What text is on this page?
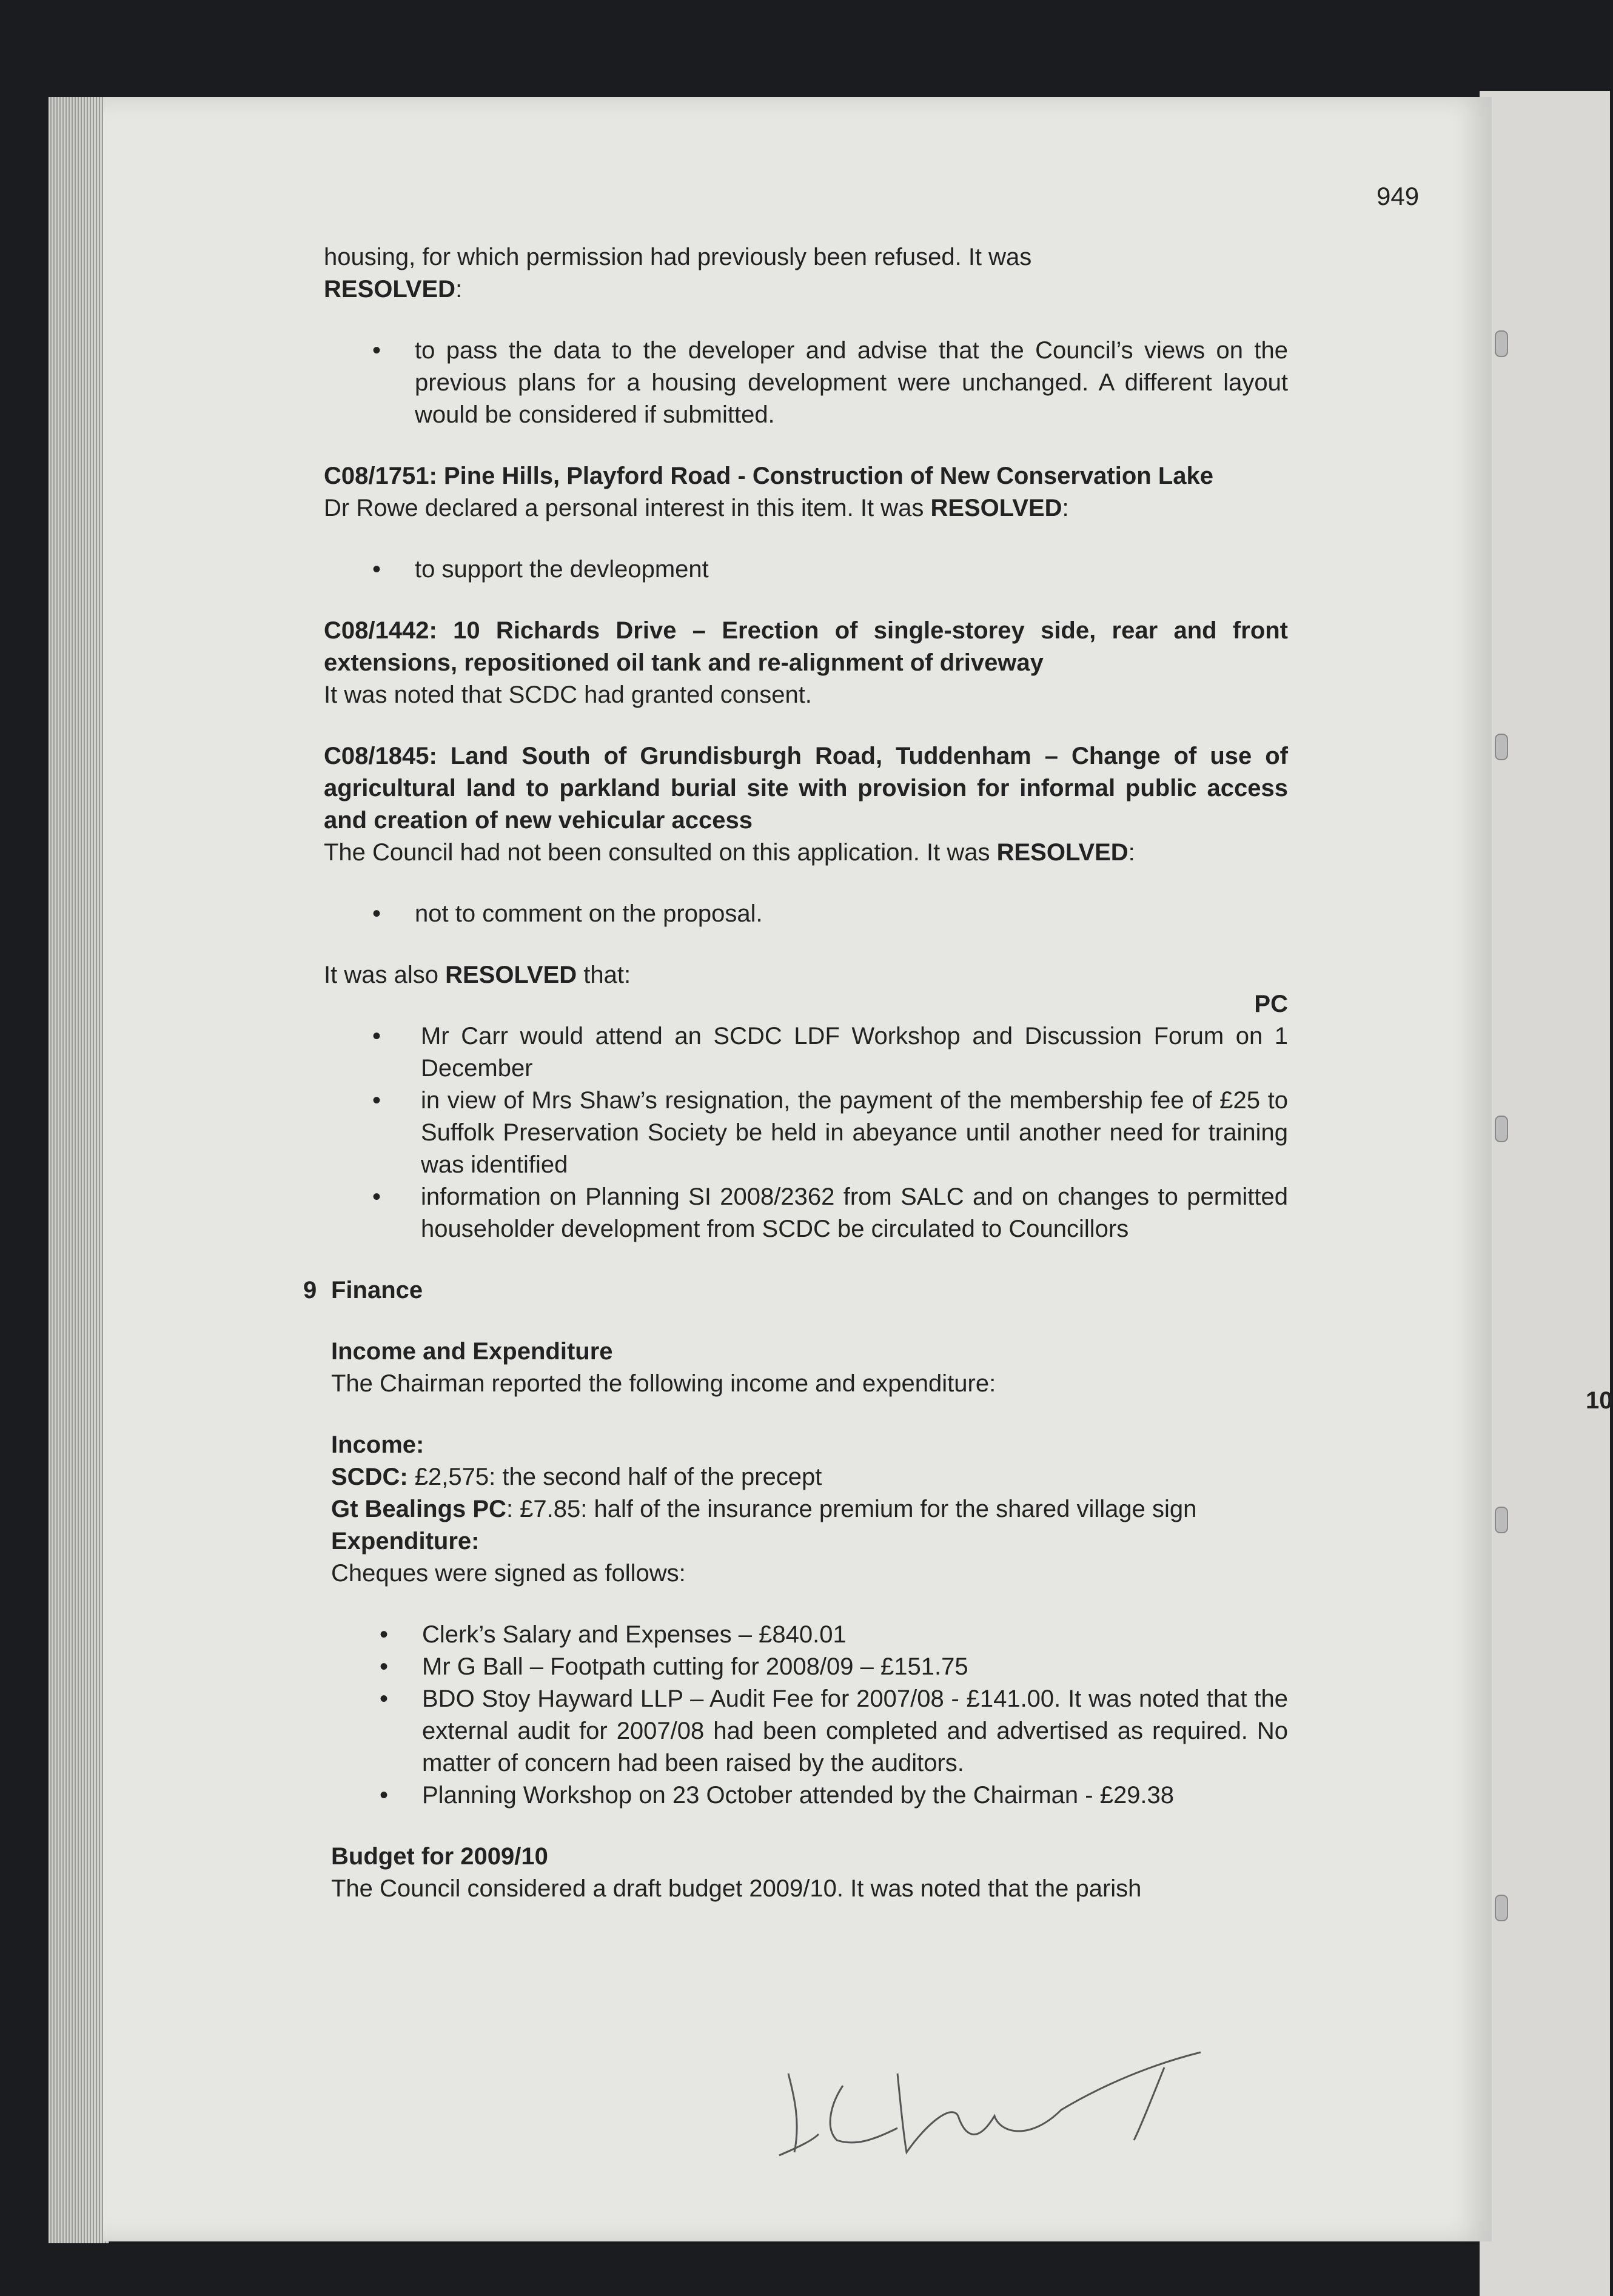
949
10

housing, for which permission had previously been refused. It was
RESOLVED:

• to pass the data to the developer and advise that the Council’s views on the previous plans for a housing development were unchanged. A different layout would be considered if submitted.

C08/1751: Pine Hills, Playford Road - Construction of New Conservation Lake

Dr Rowe declared a personal interest in this item. It was RESOLVED:

• to support the devleopment

C08/1442: 10 Richards Drive – Erection of single-storey side, rear and front extensions, repositioned oil tank and re-alignment of driveway

It was noted that SCDC had granted consent.

C08/1845: Land South of Grundisburgh Road, Tuddenham – Change of use of agricultural land to parkland burial site with provision for informal public access and creation of new vehicular access

The Council had not been consulted on this application. It was RESOLVED:

• not to comment on the proposal.

It was also RESOLVED that:

PC

• Mr Carr would attend an SCDC LDF Workshop and Discussion Forum on 1 December
• in view of Mrs Shaw’s resignation, the payment of the membership fee of £25 to Suffolk Preservation Society be held in abeyance until another need for training was identified
• information on Planning SI 2008/2362 from SALC and on changes to permitted householder development from SCDC be circulated to Councillors

9 Finance

Income and Expenditure

The Chairman reported the following income and expenditure:

Income:

SCDC: £2,575: the second half of the precept

Gt Bealings PC: £7.85: half of the insurance premium for the shared village sign

Expenditure:

Cheques were signed as follows:

• Clerk’s Salary and Expenses – £840.01
• Mr G Ball – Footpath cutting for 2008/09 – £151.75
• BDO Stoy Hayward LLP – Audit Fee for 2007/08 - £141.00. It was noted that the external audit for 2007/08 had been completed and advertised as required. No matter of concern had been raised by the auditors.
• Planning Workshop on 23 October attended by the Chairman - £29.38

Budget for 2009/10

The Council considered a draft budget 2009/10. It was noted that the parish
